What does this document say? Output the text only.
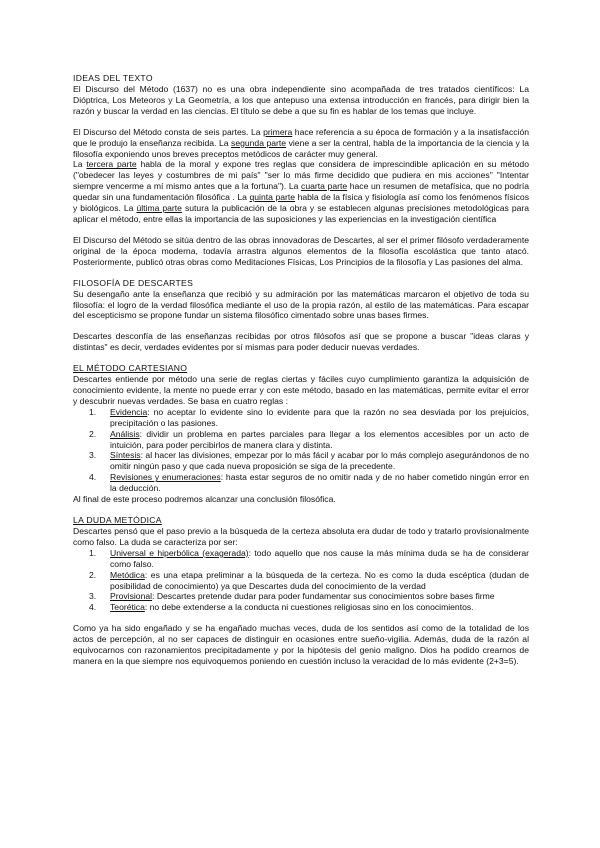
IDEAS DEL TEXTO

El Discurso del Método (1637) no es una obra independiente sino acompañada de tres tratados científicos: La Dióptrica, Los Meteoros y La Geometría, a los que antepuso una extensa introducción en francés, para dirigir bien la razón y buscar la verdad en las ciencias. El título se debe a que su fin es hablar de los temas que incluye.

El Discurso del Método consta de seis partes. La primera hace referencia a su época de formación y a la insatisfacción que le produjo la enseñanza recibida. La segunda parte viene a ser la central, habla de la importancia de la ciencia y la filosofía exponiendo unos breves preceptos metódicos de carácter muy general.

La tercera parte habla de la moral y expone tres reglas que considera de imprescindible aplicación en su método ("obedecer las leyes y costumbres de mi país" "ser lo más firme decidido que pudiera en mis acciones" "Intentar siempre vencerme a mí mismo antes que a la fortuna"). La cuarta parte hace un resumen de metafísica, que no podría quedar sin una fundamentación filosófica . La quinta parte habla de la física y fisiología así como los fenómenos físicos y biológicos. La última parte sutura la publicación de la obra y se establecen algunas precisiones metodológicas para aplicar el método, entre ellas la importancia de las suposiciones y las experiencias en la investigación científica

El Discurso del Método se sitúa dentro de las obras innovadoras de Descartes, al ser el primer filósofo verdaderamente original de la época moderna, todavía arrastra algunos elementos de la filosofía escolástica que tanto atacó. Posteriormente, publicó otras obras como Meditaciones Físicas, Los Principios de la filosofía y Las pasiones del alma.

FILOSOFÍA DE DESCARTES

Su desengaño ante la enseñanza que recibió y su admiración por las matemáticas marcaron el objetivo de toda su filosofía: el logro de la verdad filosófica mediante el uso de la propia razón, al estilo de las matemáticas. Para escapar del escepticismo se propone fundar un sistema filosófico cimentado sobre unas bases firmes.

Descartes desconfía de las enseñanzas recibidas por otros filósofos así que se propone a buscar "ideas claras y distintas" es decir, verdades evidentes por sí mismas para poder deducir nuevas verdades.

EL MÉTODO CARTESIANO

Descartes entiende por método una serie de reglas ciertas y fáciles cuyo cumplimiento garantiza la adquisición de conocimiento evidente, la mente no puede errar y con este método, basado en las matemáticas, permite evitar el error y descubrir nuevas verdades. Se basa en cuatro reglas :

1. Evidencia: no aceptar lo evidente sino lo evidente para que la razón no sea desviada por los prejuicios, precipitación o las pasiones.
2. Análisis: dividir un problema en partes parciales para llegar a los elementos accesibles por un acto de intuición, para poder percibirlos de manera clara y distinta.
3. Síntesis: al hacer las divisiones, empezar por lo más fácil y acabar por lo más complejo asegurándonos de no omitir ningún paso y que cada nueva proposición se siga de la precedente.
4. Revisiones y enumeraciones: hasta estar seguros de no omitir nada y de no haber cometido ningún error en la deducción.

Al final de este proceso podremos alcanzar una conclusión filosófica.

LA DUDA METÓDICA

Descartes pensó que el paso previo a la búsqueda de la certeza absoluta era dudar de todo y tratarlo provisionalmente como falso. La duda se caracteriza por ser:

1. Universal e hiperbólica (exagerada): todo aquello que nos cause la más mínima duda se ha de considerar como falso.
2. Metódica: es una etapa preliminar a la búsqueda de la certeza. No es como la duda escéptica (dudan de posibilidad de conocimiento) ya que Descartes duda del conocimiento de la verdad
3. Provisional: Descartes pretende dudar para poder fundamentar sus conocimientos sobre bases firme
4. Teorética: no debe extenderse a la conducta ni cuestiones religiosas sino en los conocimientos.

Como ya ha sido engañado y se ha engañado muchas veces, duda de los sentidos así como de la totalidad de los actos de percepción, al no ser capaces de distinguir en ocasiones entre sueño-vigilia. Además, duda de la razón al equivocarnos con razonamientos precipitadamente y por la hipótesis del genio maligno. Dios ha podido crearnos de manera en la que siempre nos equivoquemos poniendo en cuestión incluso la veracidad de lo más evidente (2+3=5).
